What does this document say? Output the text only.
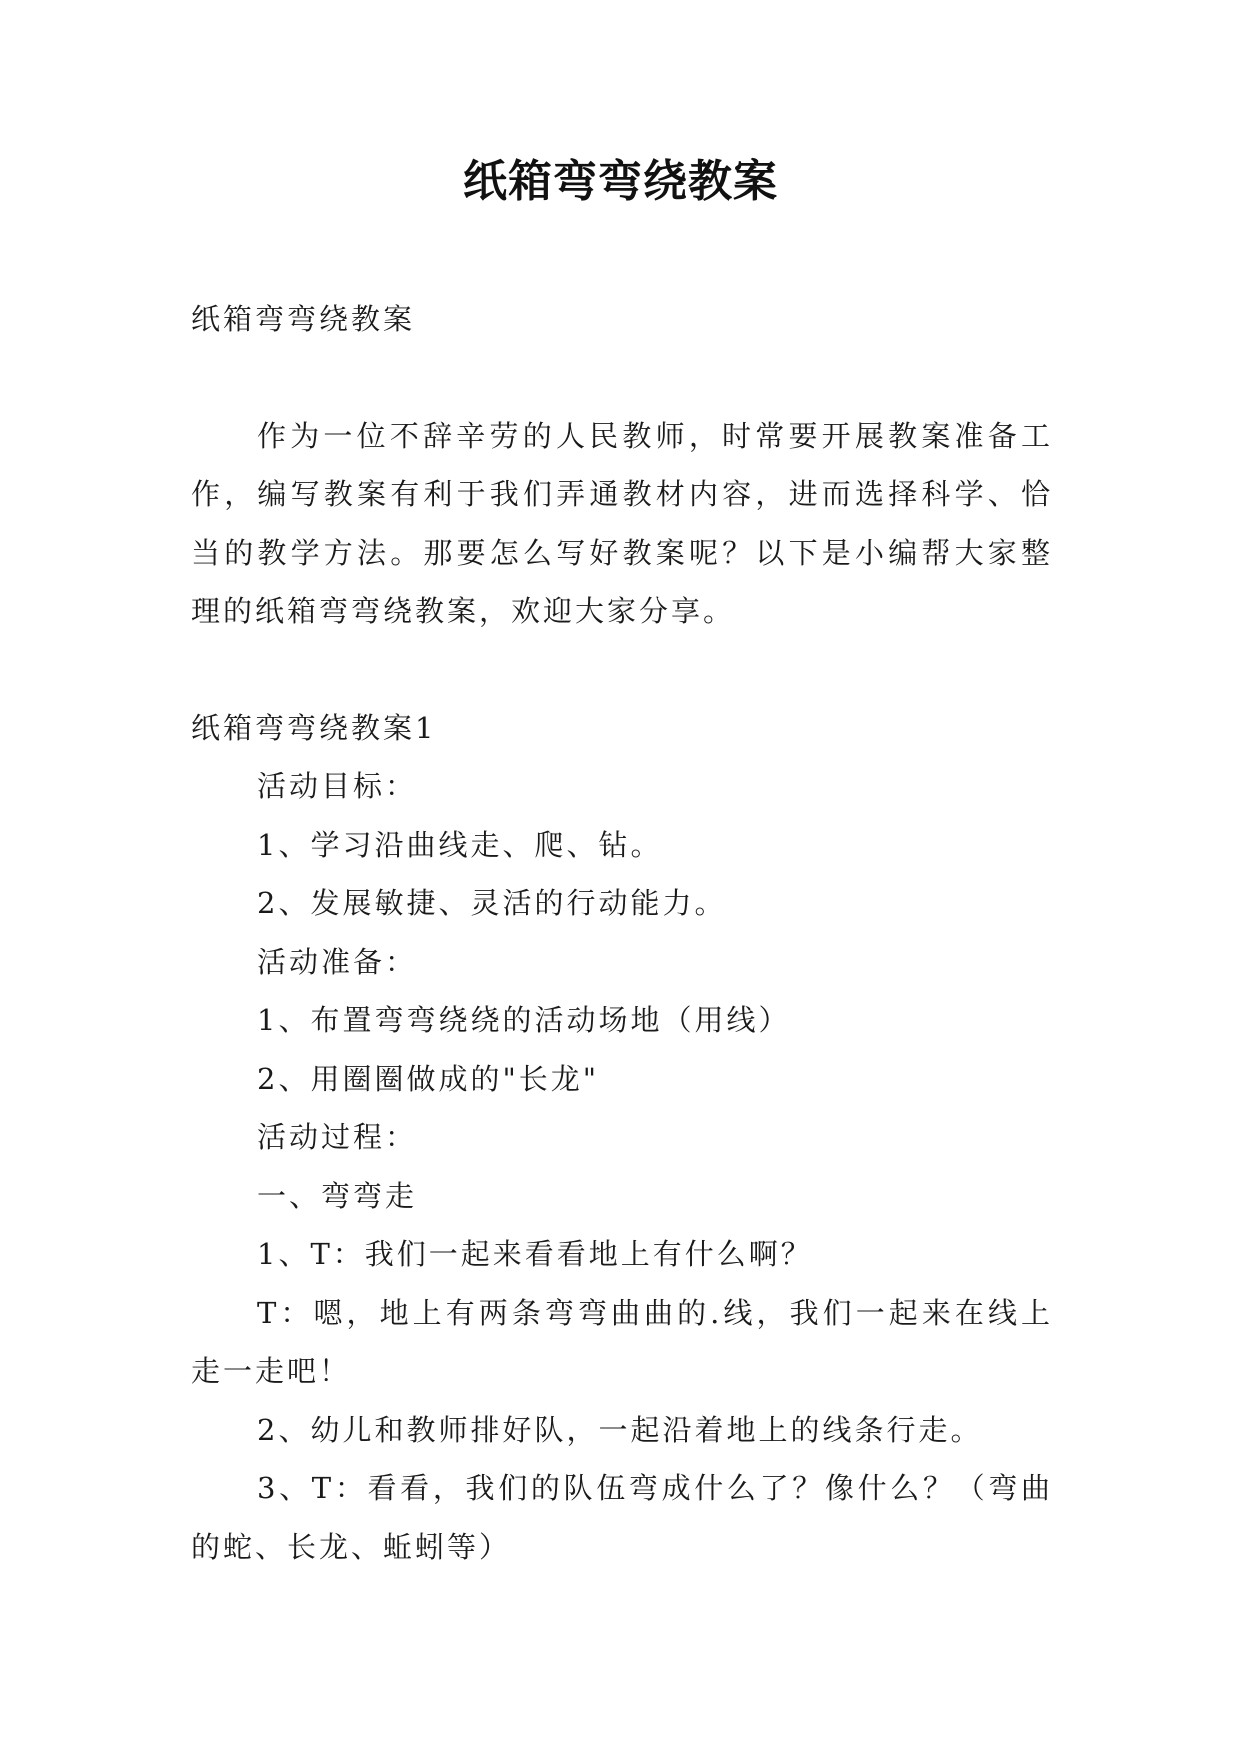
纸箱弯弯绕教案

纸箱弯弯绕教案

作为一位不辞辛劳的人民教师，时常要开展教案准备工作，编写教案有利于我们弄通教材内容，进而选择科学、恰当的教学方法。那要怎么写好教案呢？以下是小编帮大家整理的纸箱弯弯绕教案，欢迎大家分享。

纸箱弯弯绕教案1

活动目标：

1、学习沿曲线走、爬、钻。

2、发展敏捷、灵活的行动能力。

活动准备：

1、布置弯弯绕绕的活动场地（用线）

2、用圈圈做成的"长龙"

活动过程：

一、弯弯走

1、T：我们一起来看看地上有什么啊？

T：嗯，地上有两条弯弯曲曲的.线，我们一起来在线上走一走吧！

2、幼儿和教师排好队，一起沿着地上的线条行走。

3、T：看看，我们的队伍弯成什么了？像什么？（弯曲的蛇、长龙、蚯蚓等）
